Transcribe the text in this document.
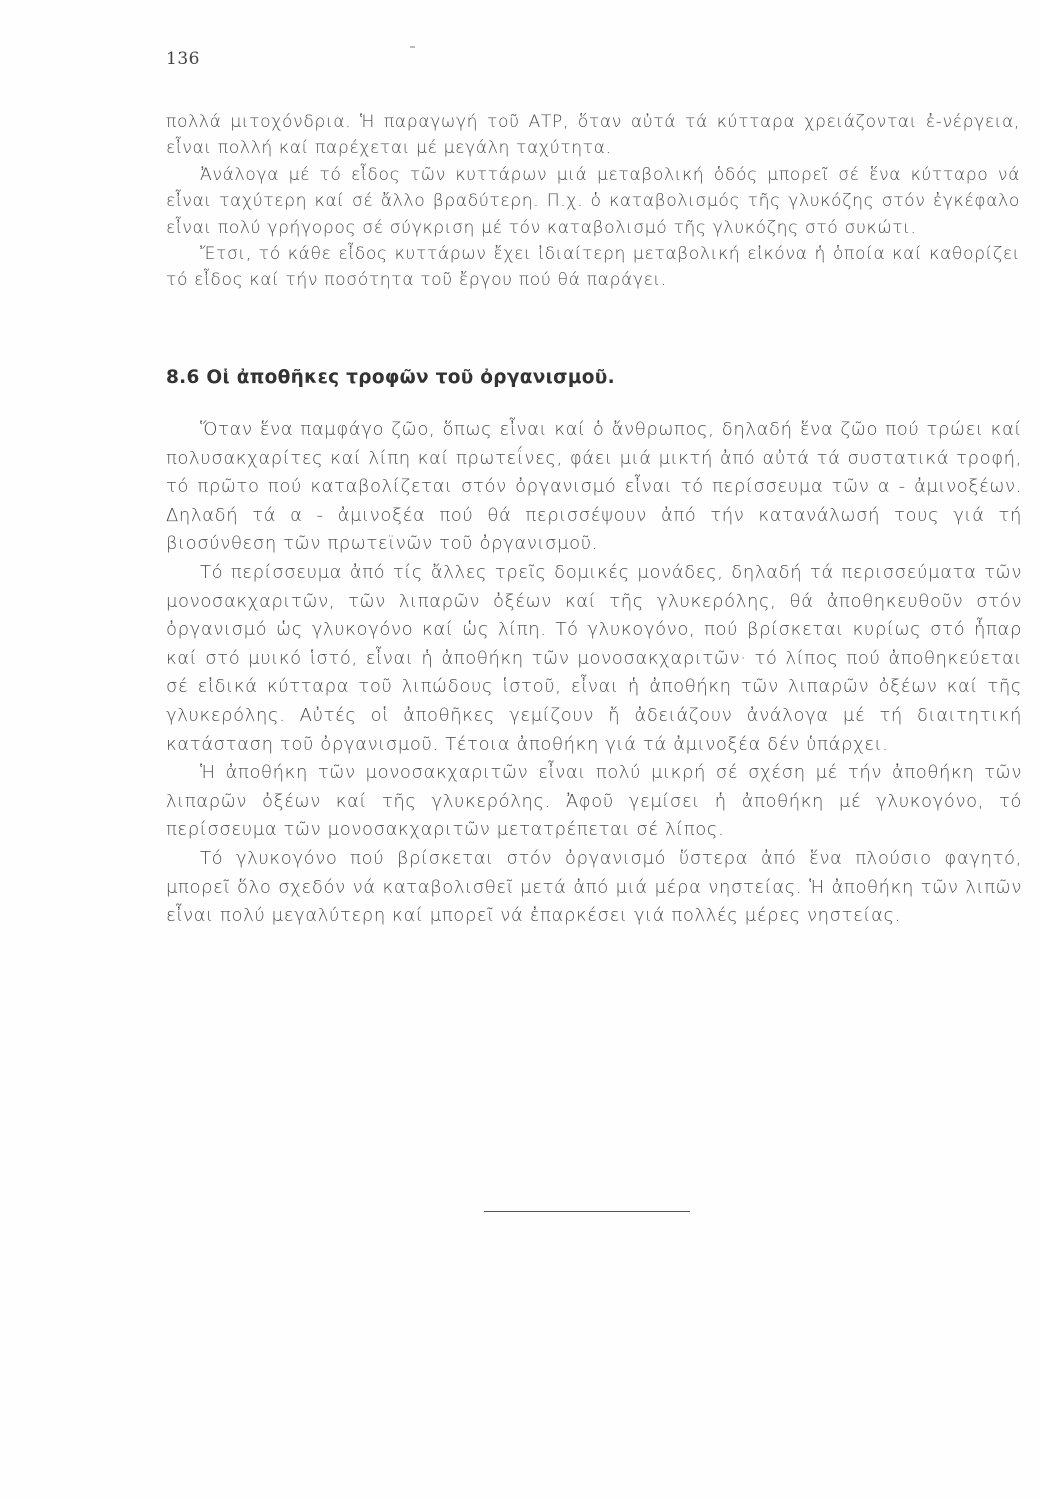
136

πολλά μιτοχόνδρια. Ἡ παραγωγή τοῦ ΑΤΡ, ὅταν αὐτά τά κύτταρα χρειάζονται ἐ-νέργεια, εἶναι πολλή καί παρέχεται μέ μεγάλη ταχύτητα.

Ἀνάλογα μέ τό εἶδος τῶν κυττάρων μιά μεταβολική ὁδός μπορεῖ σέ ἕνα κύτταρο νά εἶναι ταχύτερη καί σέ ἄλλο βραδύτερη. Π.χ. ὁ καταβολισμός τῆς γλυκόζης στόν ἐγκέφαλο εἶναι πολύ γρήγορος σέ σύγκριση μέ τόν καταβολισμό τῆς γλυκόζης στό συκώτι.

Ἔτσι, τό κάθε εἶδος κυττάρων ἔχει ἰδιαίτερη μεταβολική εἰκόνα ἡ ὁποία καί καθορίζει τό εἶδος καί τήν ποσότητα τοῦ ἔργου πού θά παράγει.

8.6 Οἱ ἀποθῆκες τροφῶν τοῦ ὀργανισμοῦ.

Ὅταν ἕνα παμφάγο ζῶο, ὅπως εἶναι καί ὁ ἄνθρωπος, δηλαδή ἕνα ζῶο πού τρώει καί πολυσακχαρίτες καί λίπη καί πρωτεΐνες, φάει μιά μικτή ἀπό αὐτά τά συστατικά τροφή, τό πρῶτο πού καταβολίζεται στόν ὀργανισμό εἶναι τό περίσσευμα τῶν α - ἀμινοξέων. Δηλαδή τά α - ἀμινοξέα πού θά περισσέψουν ἀπό τήν κατανάλωσή τους γιά τή βιοσύνθεση τῶν πρωτεϊνῶν τοῦ ὀργανισμοῦ.

Τό περίσσευμα ἀπό τίς ἄλλες τρεῖς δομικές μονάδες, δηλαδή τά περισσεύματα τῶν μονοσακχαριτῶν, τῶν λιπαρῶν ὀξέων καί τῆς γλυκερόλης, θά ἀποθηκευθοῦν στόν ὀργανισμό ὡς γλυκογόνο καί ὡς λίπη. Τό γλυκογόνο, πού βρίσκεται κυρίως στό ἧπαρ καί στό μυικό ἱστό, εἶναι ἡ ἀποθήκη τῶν μονοσακχαριτῶν· τό λίπος πού ἀποθηκεύεται σέ εἰδικά κύτταρα τοῦ λιπώδους ἱστοῦ, εἶναι ἡ ἀποθήκη τῶν λιπαρῶν ὀξέων καί τῆς γλυκερόλης. Αὐτές οἱ ἀποθῆκες γεμίζουν ἤ ἀδειάζουν ἀνάλογα μέ τή διαιτητική κατάσταση τοῦ ὀργανισμοῦ. Τέτοια ἀποθήκη γιά τά ἀμινοξέα δέν ὑπάρχει.

Ἡ ἀποθήκη τῶν μονοσακχαριτῶν εἶναι πολύ μικρή σέ σχέση μέ τήν ἀποθήκη τῶν λιπαρῶν ὀξέων καί τῆς γλυκερόλης. Ἀφοῦ γεμίσει ἡ ἀποθήκη μέ γλυκογόνο, τό περίσσευμα τῶν μονοσακχαριτῶν μετατρέπεται σέ λίπος.

Τό γλυκογόνο πού βρίσκεται στόν ὀργανισμό ὕστερα ἀπό ἕνα πλούσιο φαγητό, μπορεῖ ὅλο σχεδόν νά καταβολισθεῖ μετά ἀπό μιά μέρα νηστείας. Ἡ ἀποθήκη τῶν λιπῶν εἶναι πολύ μεγαλύτερη καί μπορεῖ νά ἐπαρκέσει γιά πολλές μέρες νηστείας.
